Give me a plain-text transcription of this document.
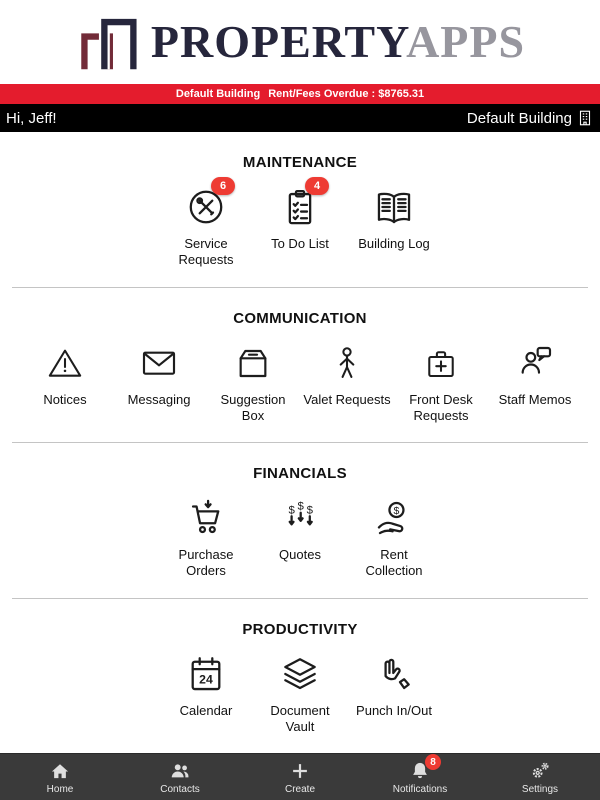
PROPERTYAPPS
Default Building Rent/Fees Overdue : $8765.31
Hi, Jeff!	Default Building
MAINTENANCE
6
Service Requests
4
To Do List Building Log
COMMUNICATION
Notices	Messaging	Suggestion Box
Valet Requests	Front Desk Requests
Staff Memos
FINANCIALS
Purchase Orders
$ $ $
Quotes
$
Rent Collection
PRODUCTIVITY
24
Calendar	Document Vault
Punch In/Out
Home	Contacts	Create
8
Notifications	Settings
